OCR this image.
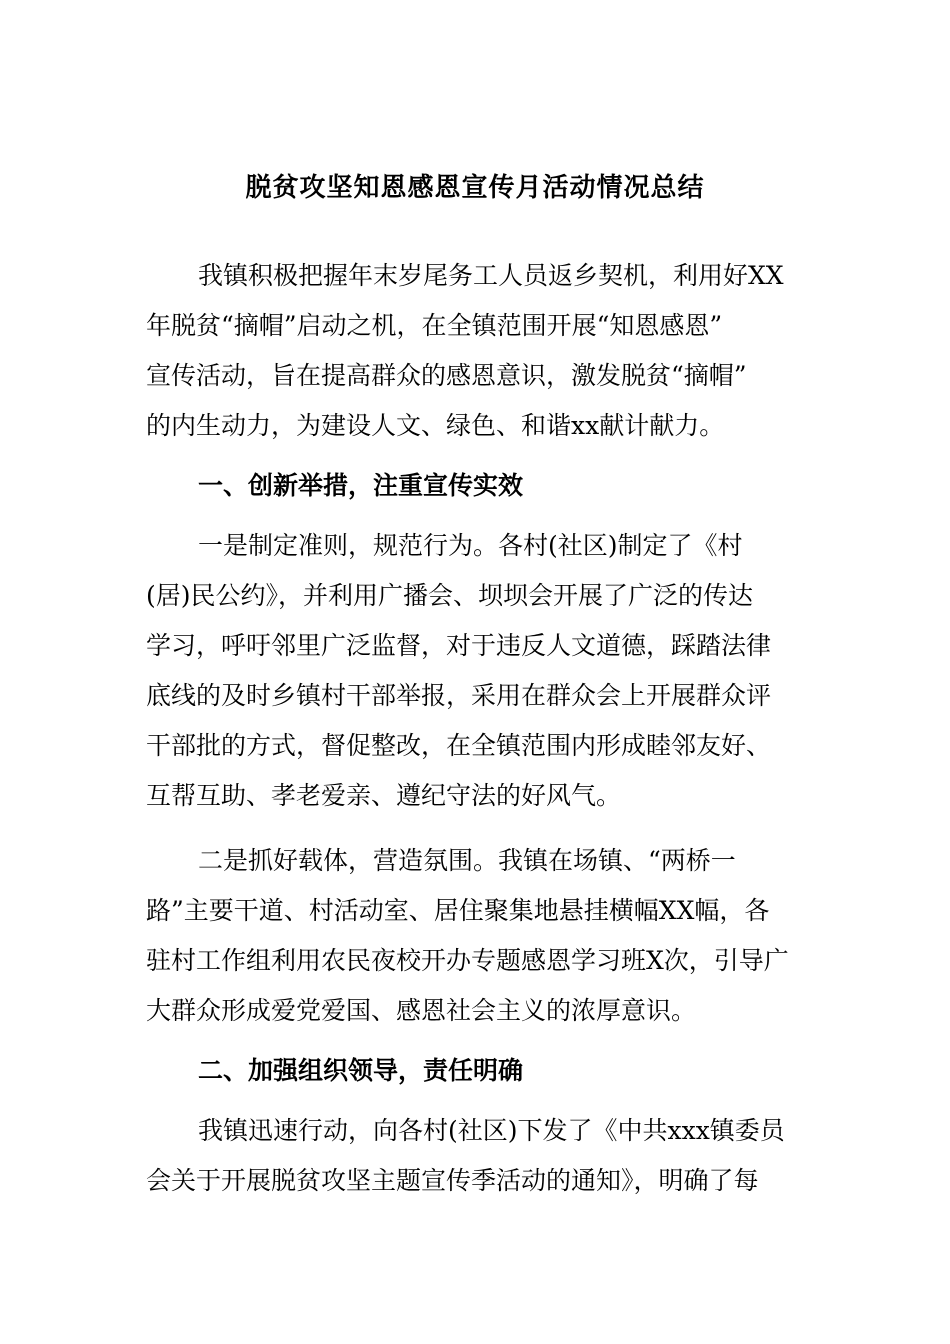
脱贫攻坚知恩感恩宣传月活动情况总结
我镇积极把握年末岁尾务工人员返乡契机，利用好XX
年脱贫“摘帽”启动之机，在全镇范围开展“知恩感恩”
宣传活动，旨在提高群众的感恩意识，激发脱贫“摘帽”
的内生动力，为建设人文、绿色、和谐xx献计献力。
一、创新举措，注重宣传实效
一是制定准则，规范行为。各村(社区)制定了《村
(居)民公约》，并利用广播会、坝坝会开展了广泛的传达
学习，呼吁邻里广泛监督，对于违反人文道德，踩踏法律
底线的及时乡镇村干部举报，采用在群众会上开展群众评
干部批的方式，督促整改，在全镇范围内形成睦邻友好、
互帮互助、孝老爱亲、遵纪守法的好风气。
二是抓好载体，营造氛围。我镇在场镇、“两桥一
路”主要干道、村活动室、居住聚集地悬挂横幅XX幅，各
驻村工作组利用农民夜校开办专题感恩学习班X次，引导广
大群众形成爱党爱国、感恩社会主义的浓厚意识。
二、加强组织领导，责任明确
我镇迅速行动，向各村(社区)下发了《中共xxx镇委员
会关于开展脱贫攻坚主题宣传季活动的通知》，明确了每
